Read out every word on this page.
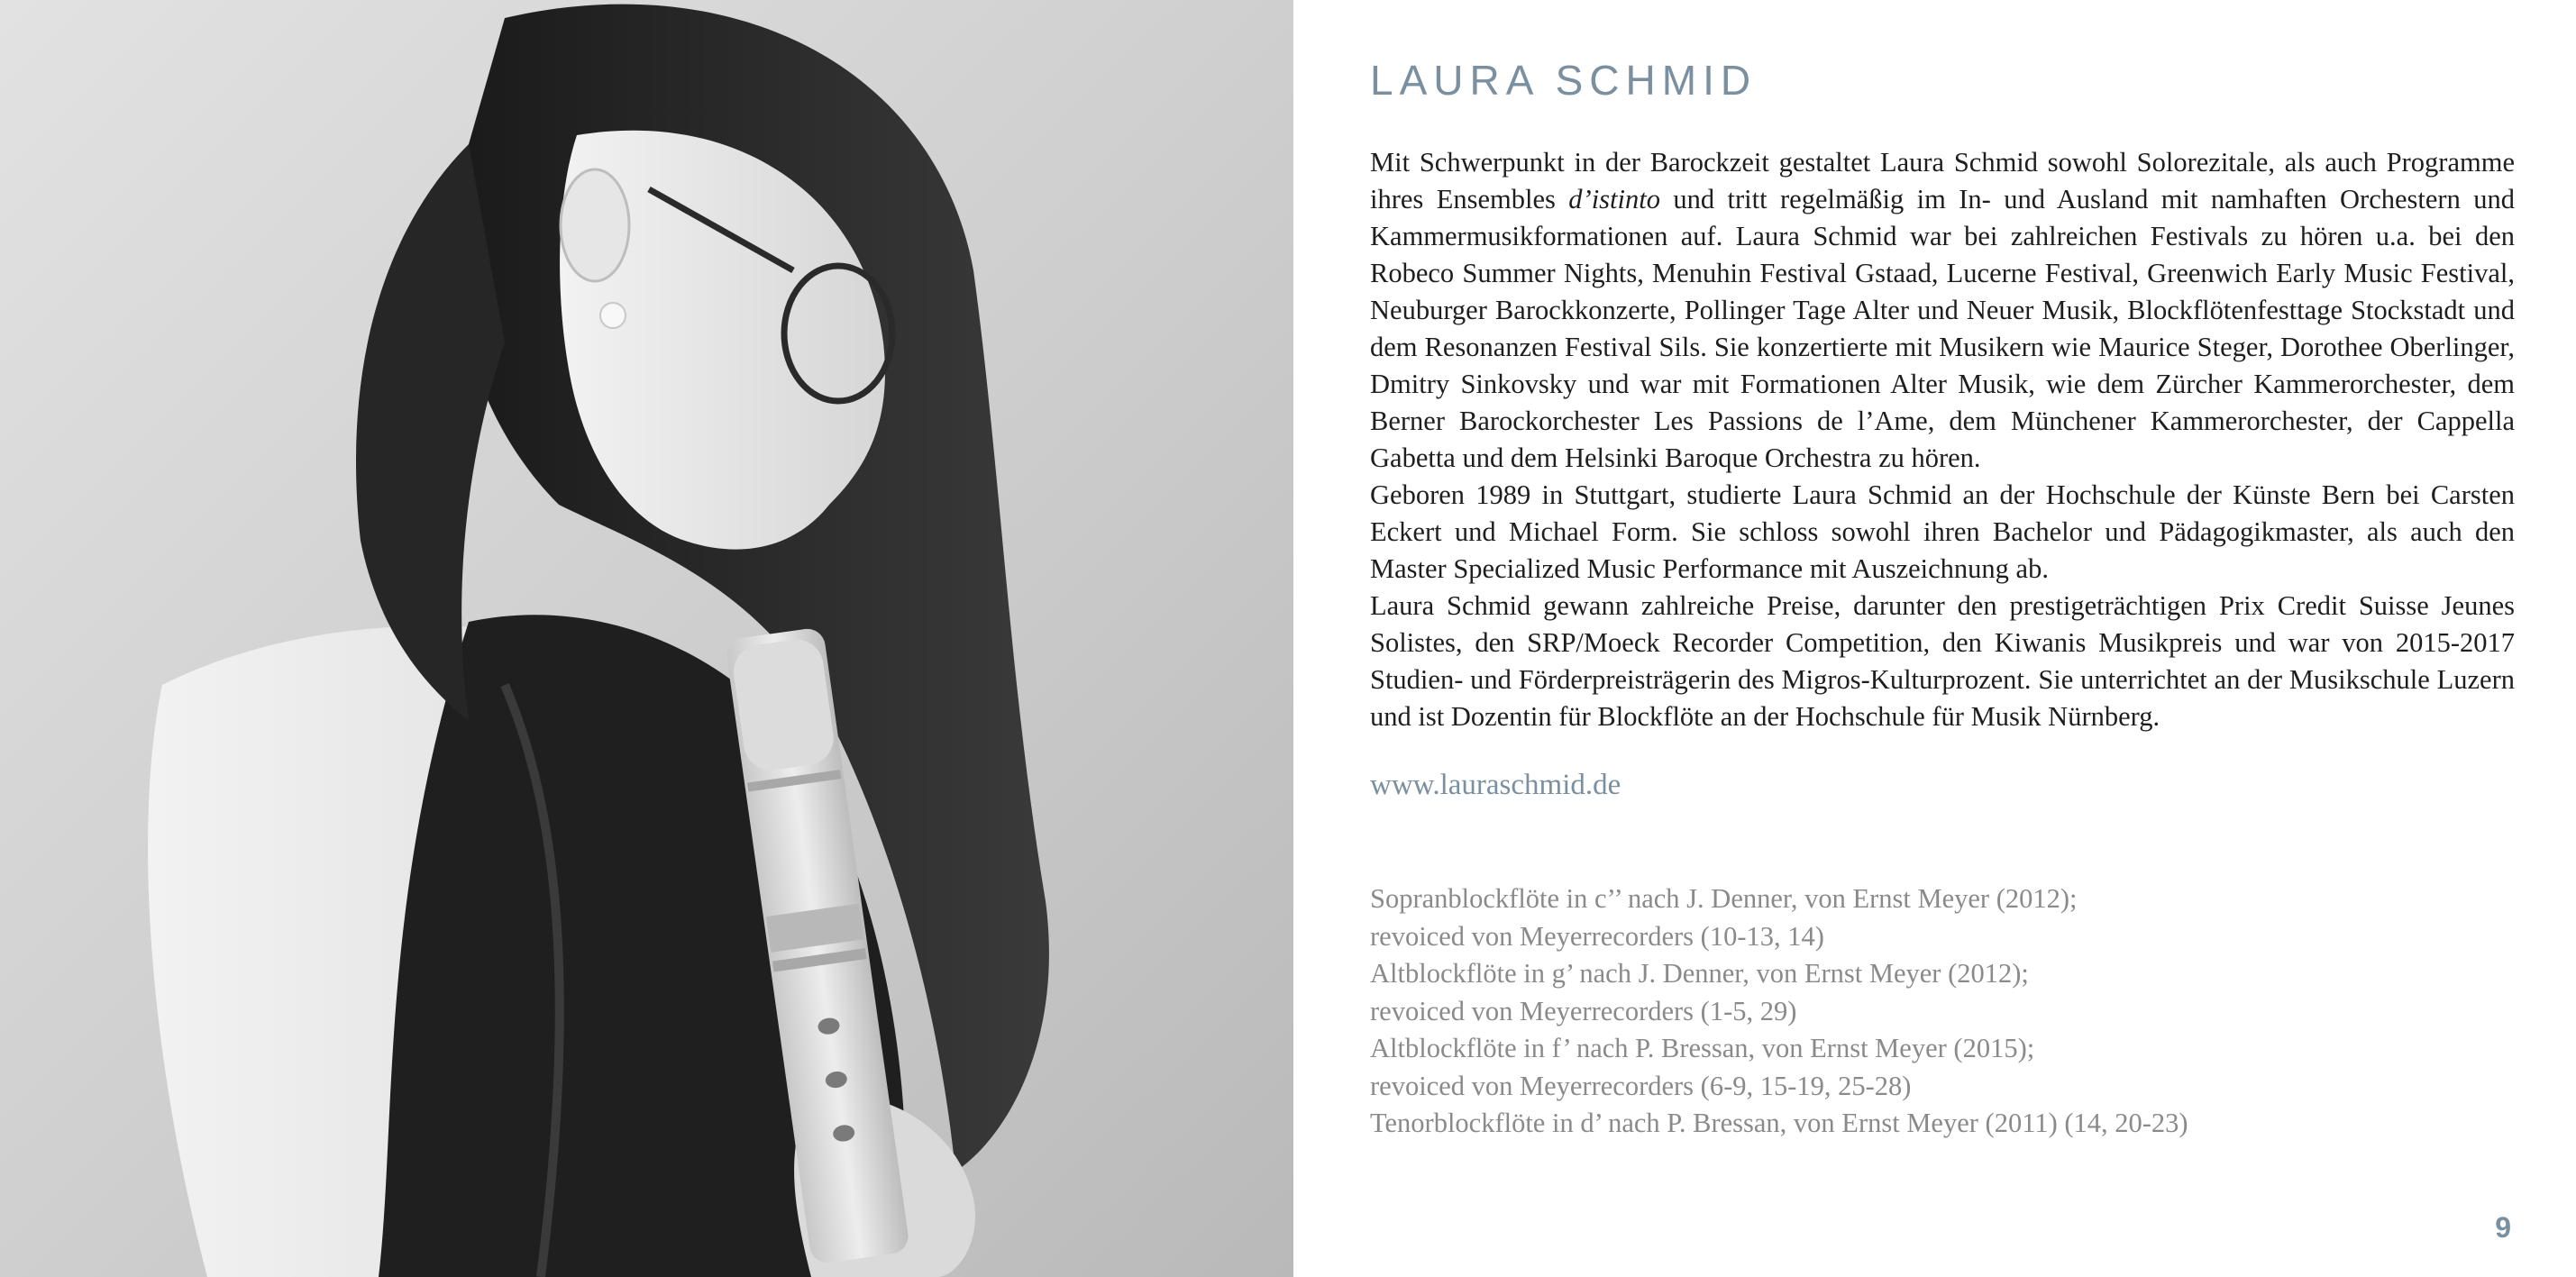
LAURA SCHMID

Mit Schwerpunkt in der Barockzeit gestaltet Laura Schmid sowohl Solorezitale, als auch Programme ihres Ensembles d’istinto und tritt regelmäßig im In- und Ausland mit namhaften Orchestern und Kammermusikformationen auf. Laura Schmid war bei zahlreichen Festivals zu hören u.a. bei den Robeco Summer Nights, Menuhin Festival Gstaad, Lucerne Festival, Greenwich Early Music Festival, Neuburger Barockkonzerte, Pollinger Tage Alter und Neuer Musik, Blockflötenfesttage Stockstadt und dem Resonanzen Festival Sils. Sie konzertierte mit Musikern wie Maurice Steger, Dorothee Oberlinger, Dmitry Sinkovsky und war mit Formationen Alter Musik, wie dem Zürcher Kammerorchester, dem Berner Barockorchester Les Passions de l’Ame, dem Münchener Kammerorchester, der Cappella Gabetta und dem Helsinki Baroque Orchestra zu hören.

Geboren 1989 in Stuttgart, studierte Laura Schmid an der Hochschule der Künste Bern bei Carsten Eckert und Michael Form. Sie schloss sowohl ihren Bachelor und Pädagogikmaster, als auch den Master Specialized Music Performance mit Auszeichnung ab.

Laura Schmid gewann zahlreiche Preise, darunter den prestigeträchtigen Prix Credit Suisse Jeunes Solistes, den SRP/Moeck Recorder Competition, den Kiwanis Musikpreis und war von 2015-2017 Studien- und Förderpreisträgerin des Migros-Kulturprozent. Sie unterrichtet an der Musikschule Luzern und ist Dozentin für Blockflöte an der Hochschule für Musik Nürnberg.

www.lauraschmid.de
Sopranblockflöte in c’’ nach J. Denner, von Ernst Meyer (2012);
revoiced von Meyerrecorders (10-13, 14)
Altblockflöte in g’ nach J. Denner, von Ernst Meyer (2012);
revoiced von Meyerrecorders (1-5, 29)
Altblockflöte in f’ nach P. Bressan, von Ernst Meyer (2015);
revoiced von Meyerrecorders (6-9, 15-19, 25-28)
Tenorblockflöte in d’ nach P. Bressan, von Ernst Meyer (2011) (14, 20-23)
9
